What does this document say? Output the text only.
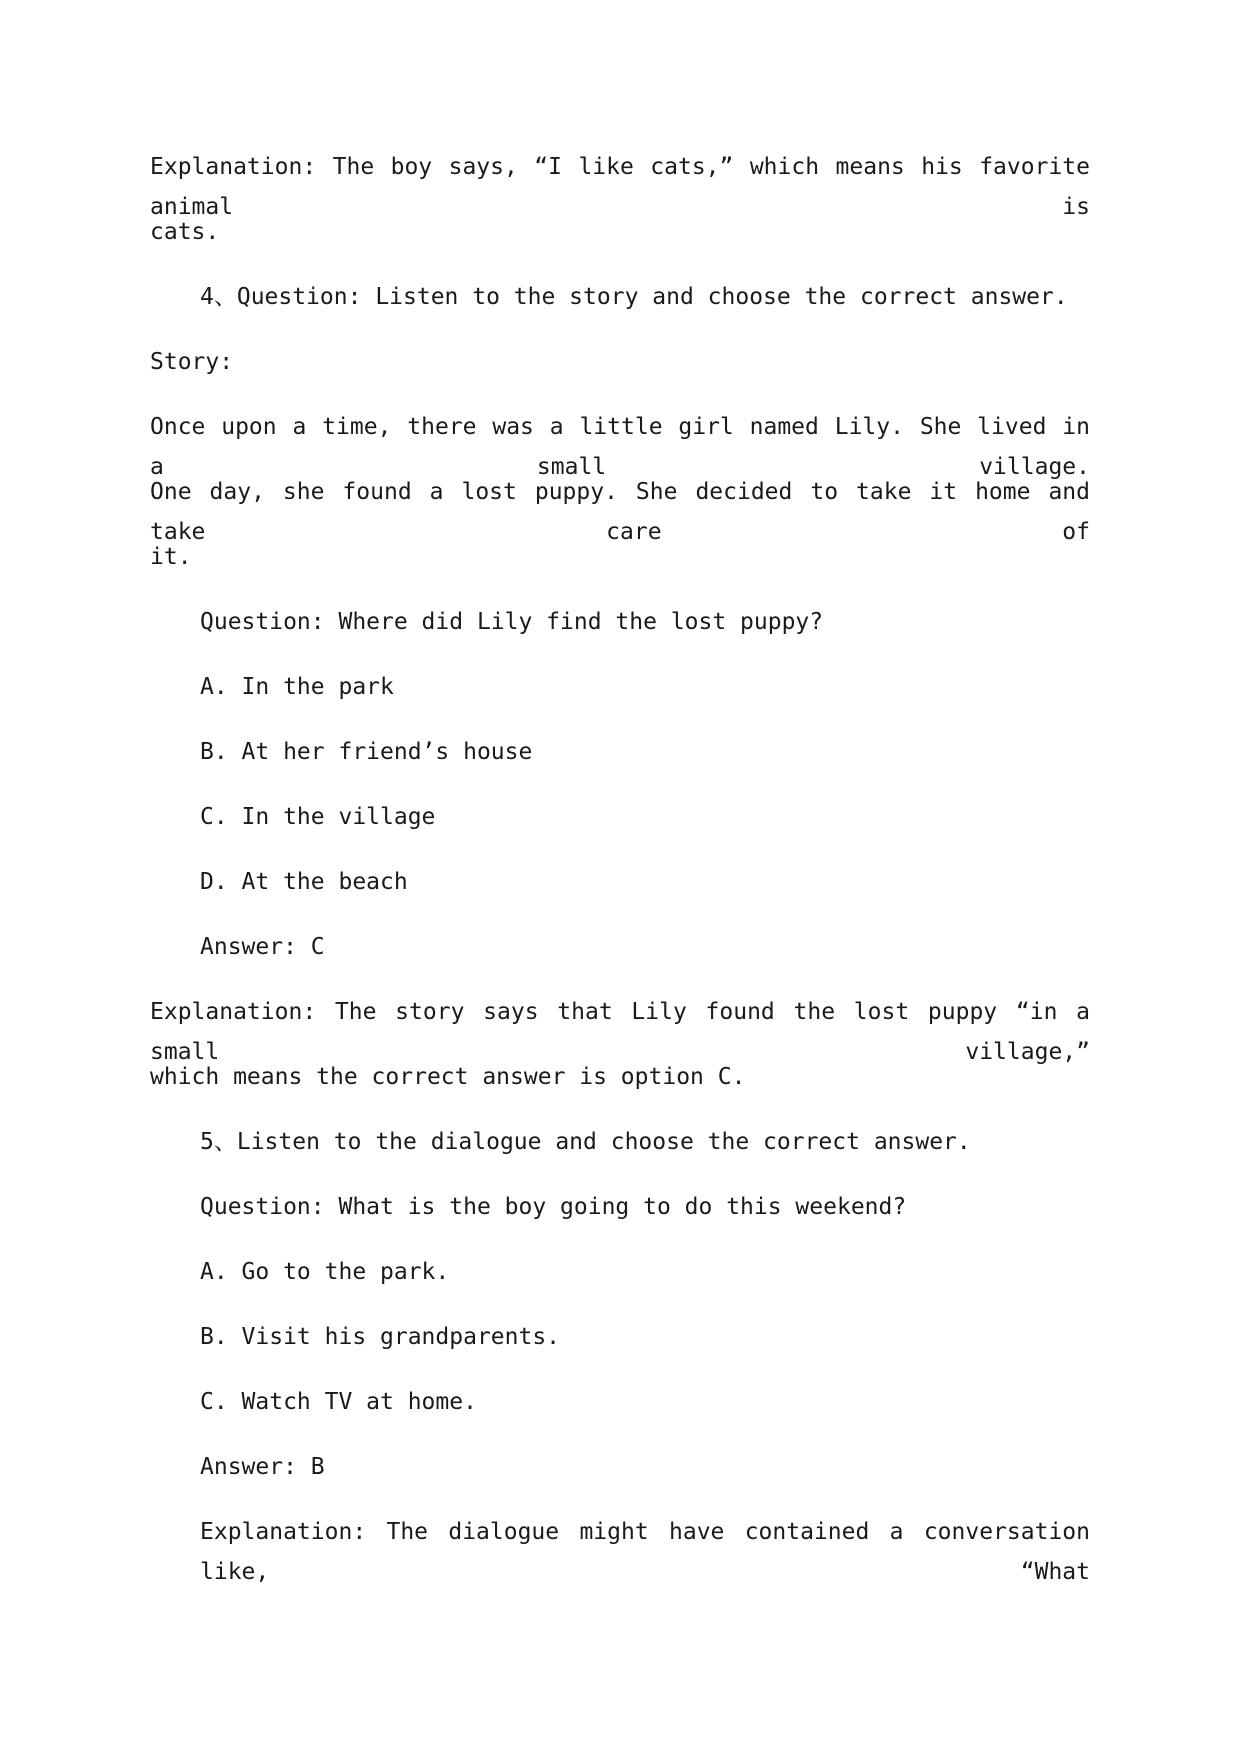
Explanation: The boy says, “I like cats,” which means his favorite animal is
cats.
4、Question: Listen to the story and choose the correct answer.
Story:
Once upon a time, there was a little girl named Lily. She lived in a small village.
One day, she found a lost puppy. She decided to take it home and take care of
it.
Question: Where did Lily find the lost puppy?
A. In the park
B. At her friend’s house
C. In the village
D. At the beach
Answer: C
Explanation: The story says that Lily found the lost puppy “in a small village,”
which means the correct answer is option C.
5、Listen to the dialogue and choose the correct answer.
Question: What is the boy going to do this weekend?
A. Go to the park.
B. Visit his grandparents.
C. Watch TV at home.
Answer: B
Explanation: The dialogue might have contained a conversation like, “What
